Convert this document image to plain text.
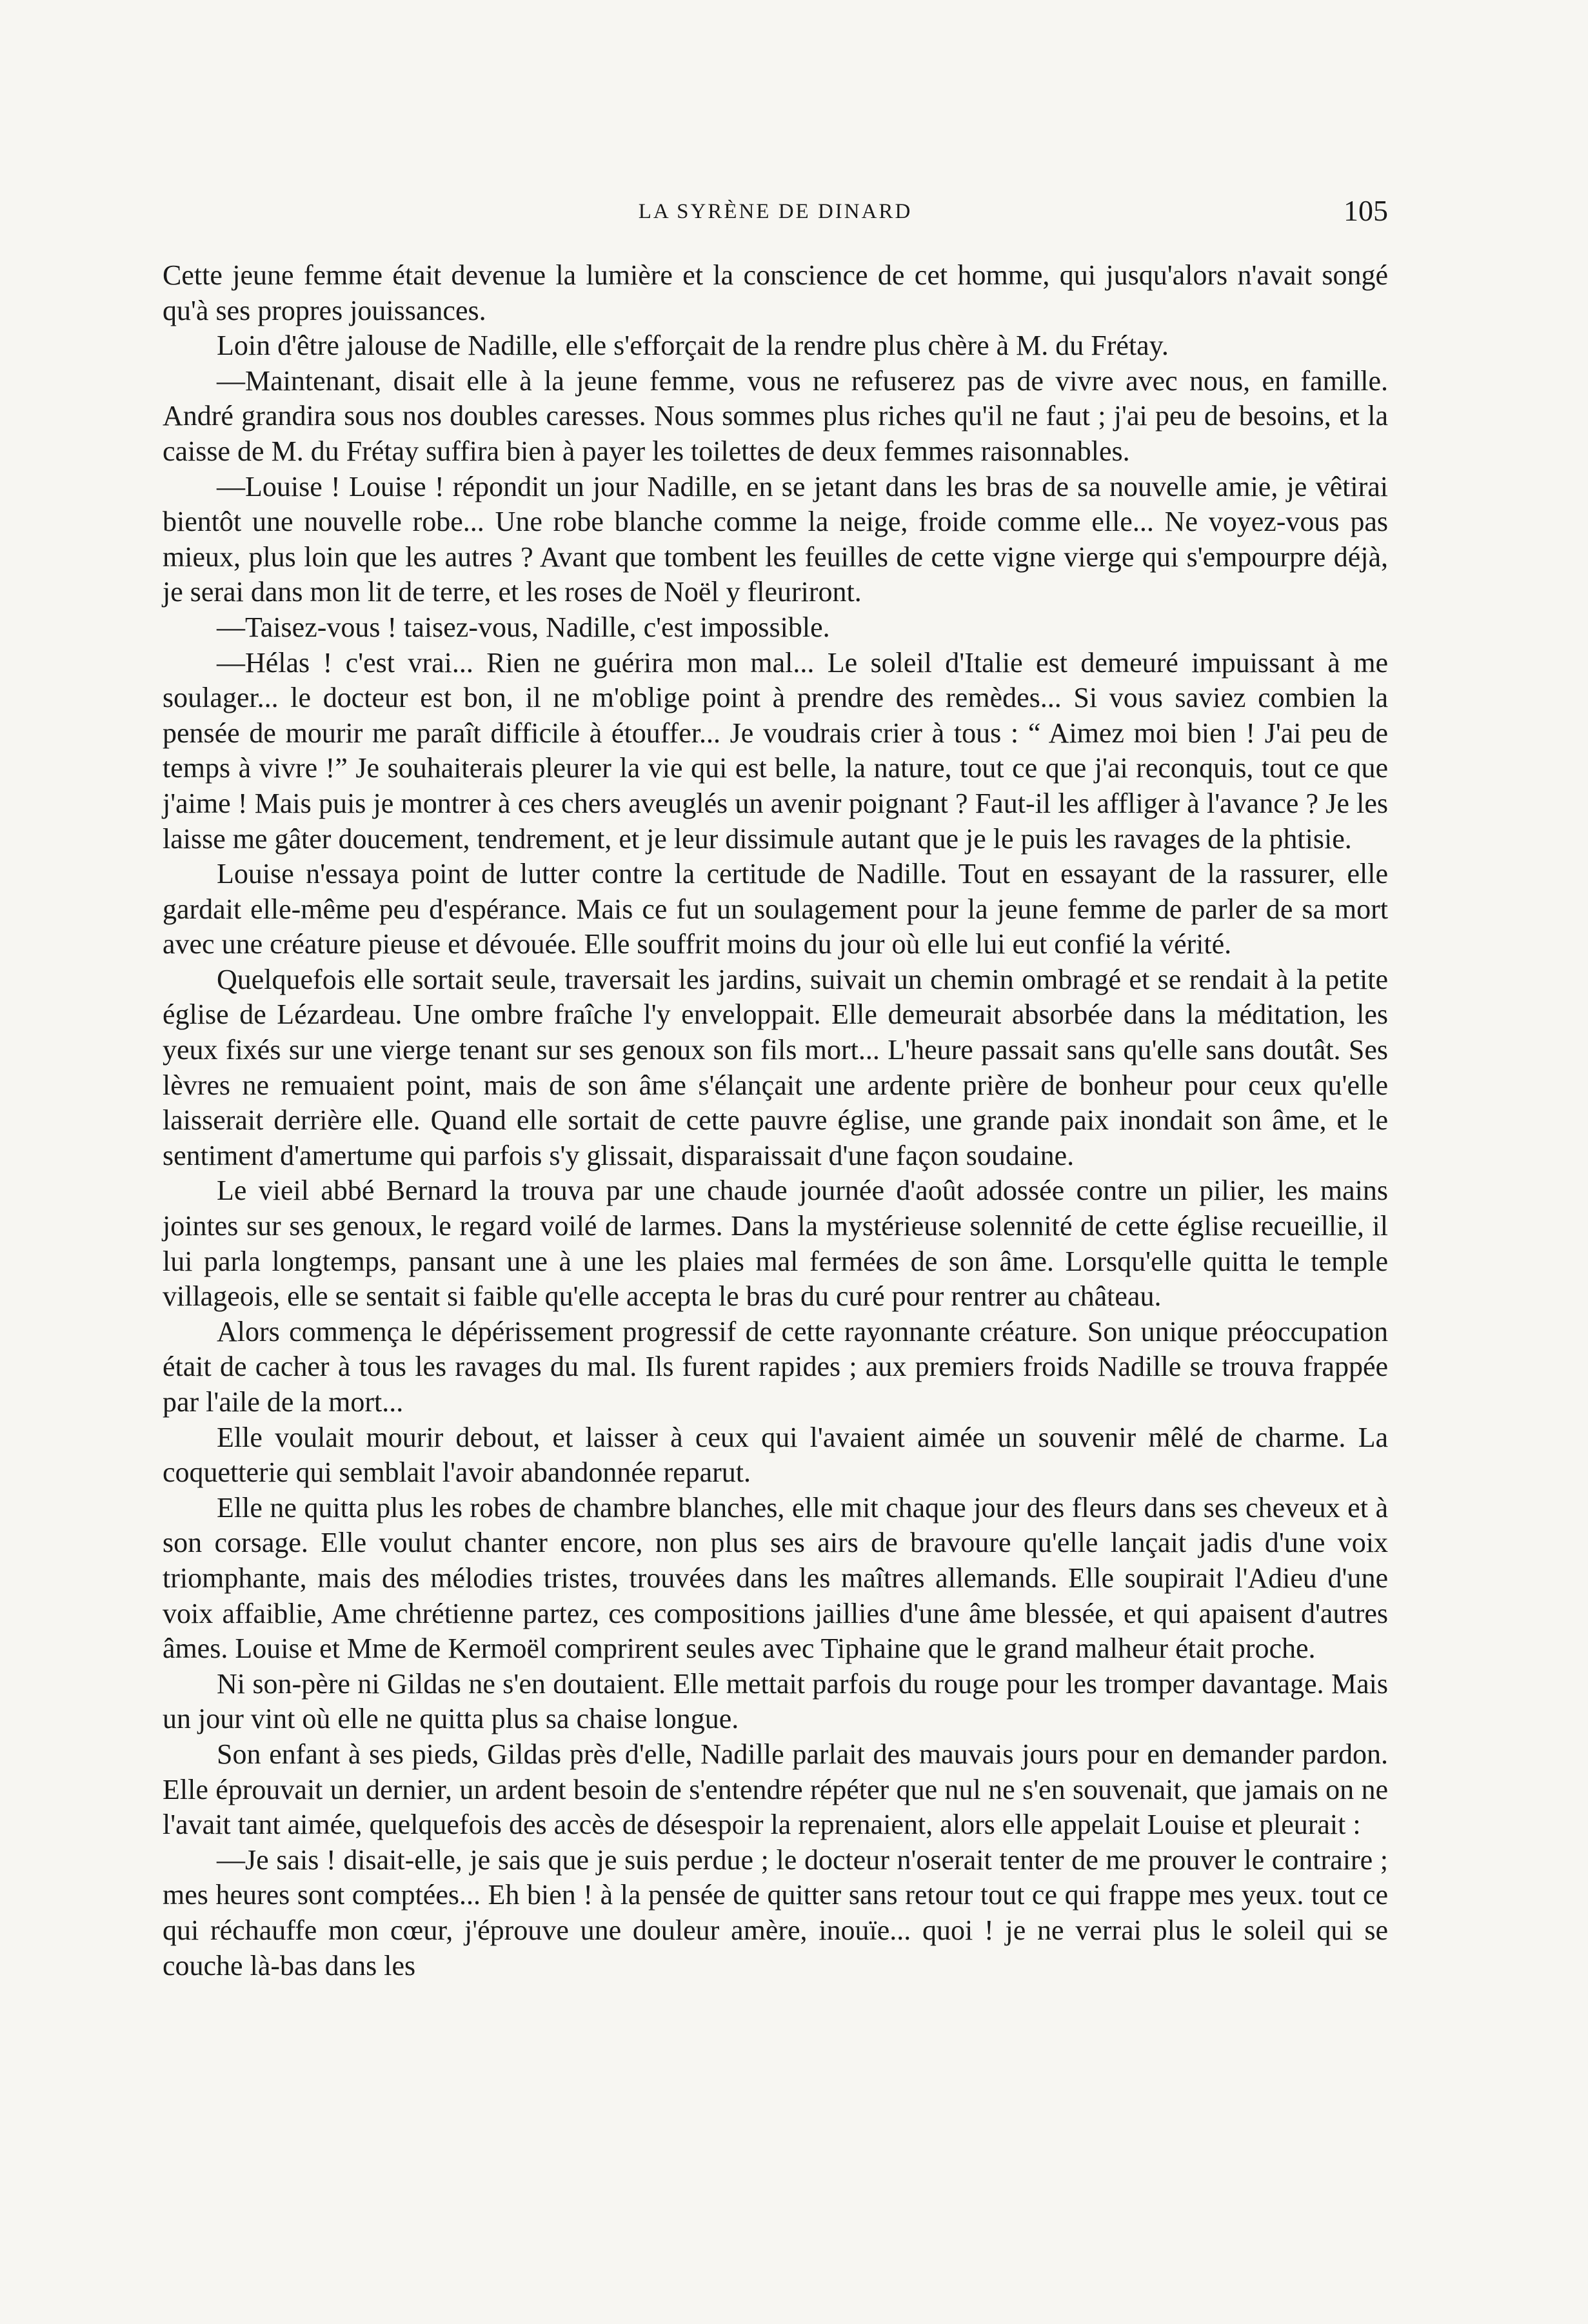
LA SYRÈNE DE DINARD	105

Cette jeune femme était devenue la lumière et la conscience de cet homme, qui jusqu'alors n'avait songé qu'à ses propres jouissances.

Loin d'être jalouse de Nadille, elle s'efforçait de la rendre plus chère à M. du Frétay.

—Maintenant, disait elle à la jeune femme, vous ne refuserez pas de vivre avec nous, en famille. André grandira sous nos doubles caresses. Nous sommes plus riches qu'il ne faut ; j'ai peu de besoins, et la caisse de M. du Frétay suffira bien à payer les toilettes de deux femmes raisonnables.

—Louise ! Louise ! répondit un jour Nadille, en se jetant dans les bras de sa nouvelle amie, je vêtirai bientôt une nouvelle robe... Une robe blanche comme la neige, froide comme elle... Ne voyez-vous pas mieux, plus loin que les autres ? Avant que tombent les feuilles de cette vigne vierge qui s'empourpre déjà, je serai dans mon lit de terre, et les roses de Noël y fleuriront.

—Taisez-vous ! taisez-vous, Nadille, c'est impossible.

—Hélas ! c'est vrai... Rien ne guérira mon mal... Le soleil d'Italie est demeuré impuissant à me soulager... le docteur est bon, il ne m'oblige point à prendre des remèdes... Si vous saviez combien la pensée de mourir me paraît difficile à étouffer... Je voudrais crier à tous : “ Aimez moi bien ! J'ai peu de temps à vivre !” Je souhaiterais pleurer la vie qui est belle, la nature, tout ce que j'ai reconquis, tout ce que j'aime ! Mais puis je montrer à ces chers aveuglés un avenir poignant ? Faut-il les affliger à l'avance ? Je les laisse me gâter doucement, tendrement, et je leur dissimule autant que je le puis les ravages de la phtisie.

Louise n'essaya point de lutter contre la certitude de Nadille. Tout en essayant de la rassurer, elle gardait elle-même peu d'espérance. Mais ce fut un soulagement pour la jeune femme de parler de sa mort avec une créature pieuse et dévouée. Elle souffrit moins du jour où elle lui eut confié la vérité.

Quelquefois elle sortait seule, traversait les jardins, suivait un chemin ombragé et se rendait à la petite église de Lézardeau. Une ombre fraîche l'y enveloppait. Elle demeurait absorbée dans la méditation, les yeux fixés sur une vierge tenant sur ses genoux son fils mort... L'heure passait sans qu'elle sans doutât. Ses lèvres ne remuaient point, mais de son âme s'élançait une ardente prière de bonheur pour ceux qu'elle laisserait derrière elle. Quand elle sortait de cette pauvre église, une grande paix inondait son âme, et le sentiment d'amertume qui parfois s'y glissait, disparaissait d'une façon soudaine.

Le vieil abbé Bernard la trouva par une chaude journée d'août adossée contre un pilier, les mains jointes sur ses genoux, le regard voilé de larmes. Dans la mystérieuse solennité de cette église recueillie, il lui parla longtemps, pansant une à une les plaies mal fermées de son âme. Lorsqu'elle quitta le temple villageois, elle se sentait si faible qu'elle accepta le bras du curé pour rentrer au château.

Alors commença le dépérissement progressif de cette rayonnante créature. Son unique préoccupation était de cacher à tous les ravages du mal. Ils furent rapides ; aux premiers froids Nadille se trouva frappée par l'aile de la mort...

Elle voulait mourir debout, et laisser à ceux qui l'avaient aimée un souvenir mêlé de charme. La coquetterie qui semblait l'avoir abandonnée reparut.

Elle ne quitta plus les robes de chambre blanches, elle mit chaque jour des fleurs dans ses cheveux et à son corsage. Elle voulut chanter encore, non plus ses airs de bravoure qu'elle lançait jadis d'une voix triomphante, mais des mélodies tristes, trouvées dans les maîtres allemands. Elle soupirait l'Adieu d'une voix affaiblie, Ame chrétienne partez, ces compositions jaillies d'une âme blessée, et qui apaisent d'autres âmes. Louise et Mme de Kermoël comprirent seules avec Tiphaine que le grand malheur était proche.

Ni son-père ni Gildas ne s'en doutaient. Elle mettait parfois du rouge pour les tromper davantage. Mais un jour vint où elle ne quitta plus sa chaise longue.

Son enfant à ses pieds, Gildas près d'elle, Nadille parlait des mauvais jours pour en demander pardon. Elle éprouvait un dernier, un ardent besoin de s'entendre répéter que nul ne s'en souvenait, que jamais on ne l'avait tant aimée, quelquefois des accès de désespoir la reprenaient, alors elle appelait Louise et pleurait :

—Je sais ! disait-elle, je sais que je suis perdue ; le docteur n'oserait tenter de me prouver le contraire ; mes heures sont comptées... Eh bien ! à la pensée de quitter sans retour tout ce qui frappe mes yeux. tout ce qui réchauffe mon cœur, j'éprouve une douleur amère, inouïe... quoi ! je ne verrai plus le soleil qui se couche là-bas dans les
